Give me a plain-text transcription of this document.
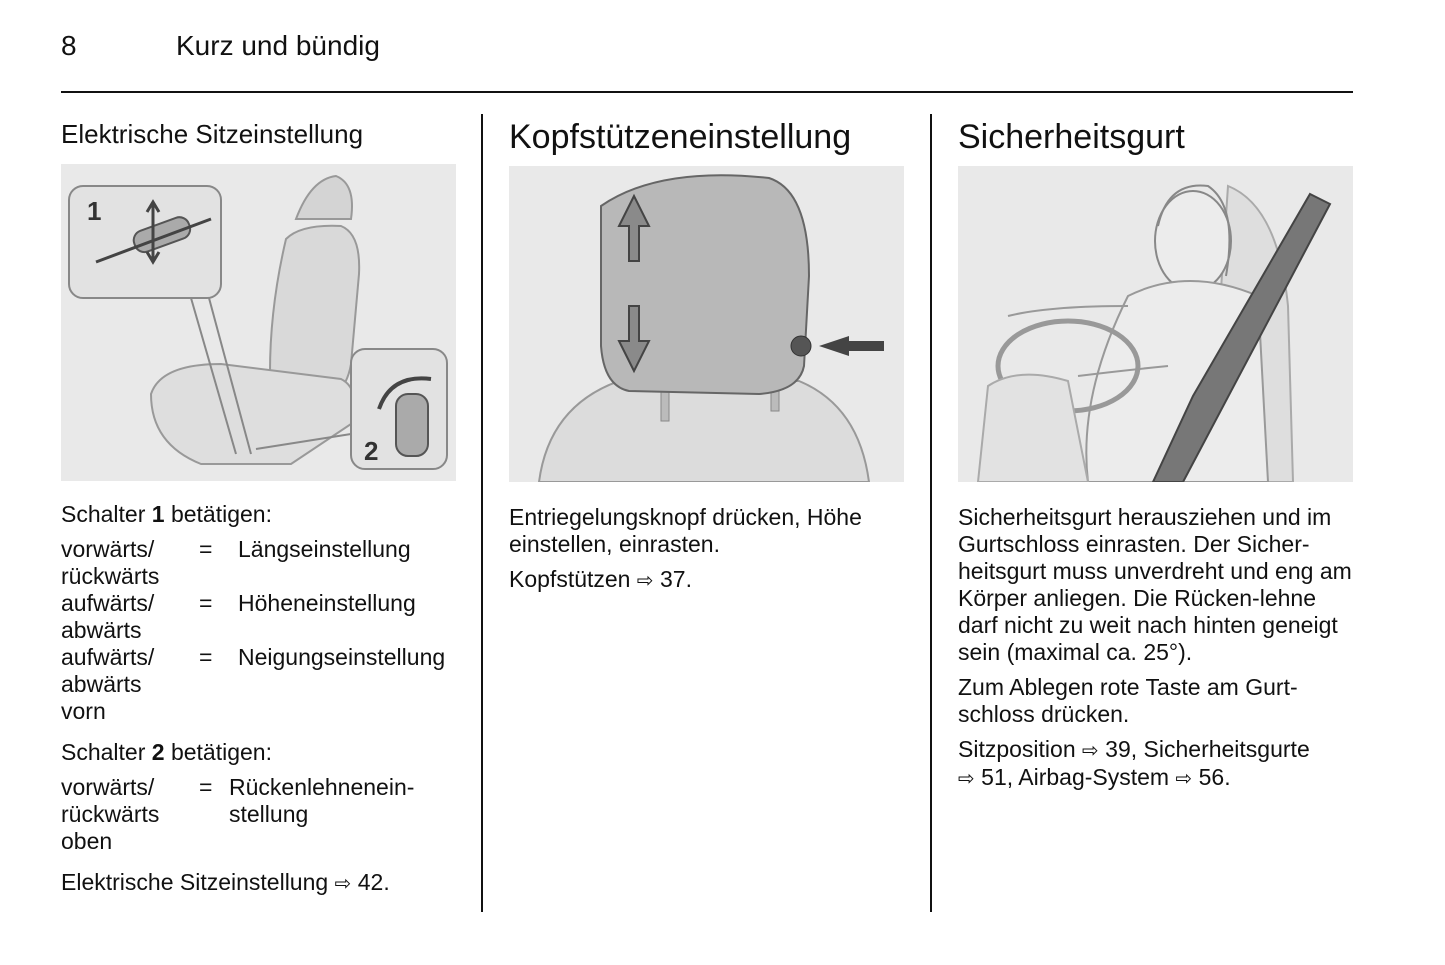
8	Kurz und bündig
Elektrische Sitzeinstellung
1
2

Schalter 1 betätigen:

vorwärts/
rückwärts	=	Längseinstellung
aufwärts/
abwärts	=	Höheneinstellung
aufwärts/
abwärts
vorn	=	Neigungseinstellung

Schalter 2 betätigen:

vorwärts/
rückwärts
oben	=	Rückenlehnenein-
stellung

Elektrische Sitzeinstellung ⇨ 42.

Kopfstützeneinstellung

Entriegelungsknopf drücken, Höhe einstellen, einrasten.

Kopfstützen ⇨ 37.

Sicherheitsgurt

Sicherheitsgurt herausziehen und im Gurtschloss einrasten. Der Sicher-heitsgurt muss unverdreht und eng am Körper anliegen. Die Rücken-lehne darf nicht zu weit nach hinten geneigt sein (maximal ca. 25°).

Zum Ablegen rote Taste am Gurt-schloss drücken.

Sitzposition ⇨ 39, Sicherheitsgurte
⇨ 51, Airbag-System ⇨ 56.
